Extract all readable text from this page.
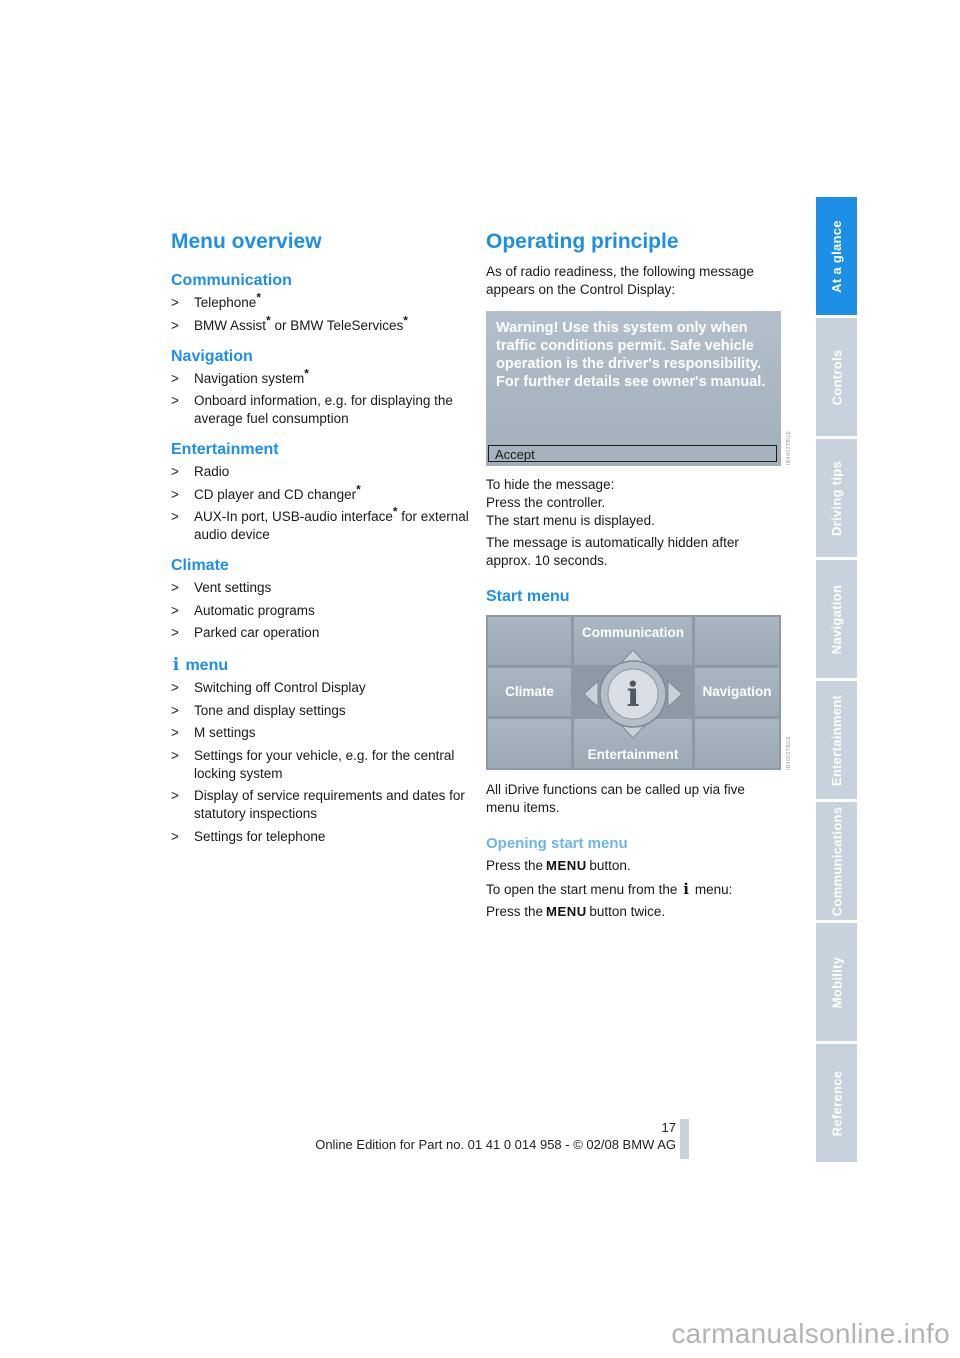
At a glance
Controls
Driving tips
Navigation
Entertainment
Communications
Mobility
Reference
Menu overview
Communication
> Telephone*
> BMW Assist* or BMW TeleServices*
Navigation
> Navigation system*
> Onboard information, e.g. for displaying the average fuel consumption
Entertainment
> Radio
> CD player and CD changer*
> AUX-In port, USB-audio interface* for external audio device
Climate
> Vent settings
> Automatic programs
> Parked car operation
i menu
> Switching off Control Display
> Tone and display settings
> M settings
> Settings for your vehicle, e.g. for the central locking system
> Display of service requirements and dates for statutory inspections
> Settings for telephone
Operating principle
As of radio readiness, the following message appears on the Control Display:
Warning! Use this system only when traffic conditions permit. Safe vehicle operation is the driver's responsibility. For further details see owner's manual.
Accept	IB4002TBGE
To hide the message:
Press the controller.
The start menu is displayed.
The message is automatically hidden after approx. 10 seconds.
Start menu
Communication
Climate	Navigation
Entertainment
i
IB4002TBGE
All iDrive functions can be called up via five menu items.
Opening start menu
Press the MENU button.
To open the start menu from the i menu:
Press the MENU button twice.
17
Online Edition for Part no. 01 41 0 014 958 - © 02/08 BMW AG
carmanualsonline.info
